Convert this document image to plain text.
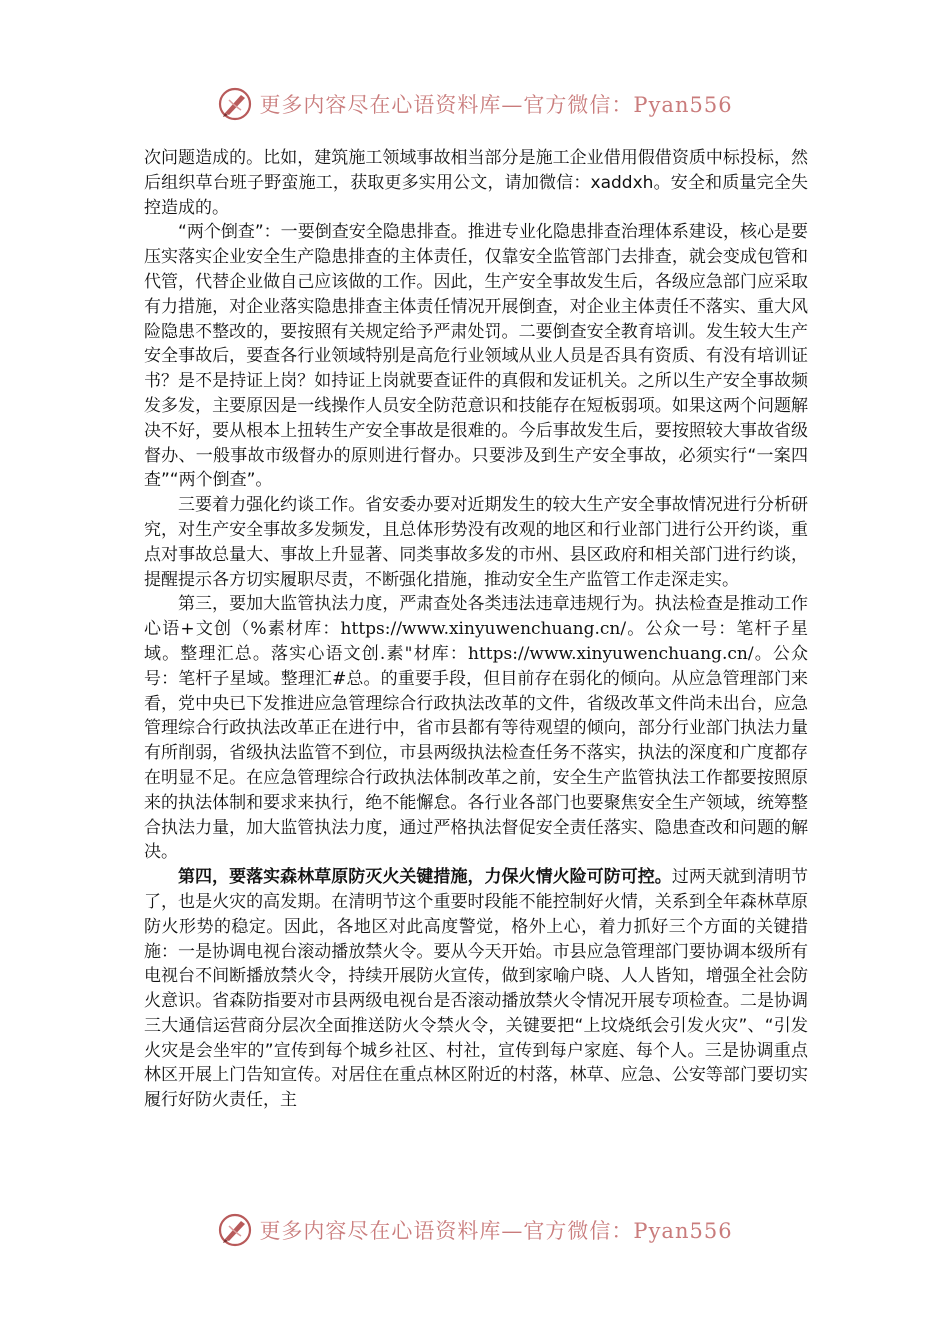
更多内容尽在心语资料库—官方微信：Pyan556

次问题造成的。比如，建筑施工领域事故相当部分是施工企业借用假借资质中标投标，然后组织草台班子野蛮施工，获取更多实用公文，请加微信：xaddxh。安全和质量完全失控造成的。

“两个倒查”：一要倒查安全隐患排查。推进专业化隐患排查治理体系建设，核心是要压实落实企业安全生产隐患排查的主体责任，仅靠安全监管部门去排查，就会变成包管和代管，代替企业做自己应该做的工作。因此，生产安全事故发生后，各级应急部门应采取有力措施，对企业落实隐患排查主体责任情况开展倒查，对企业主体责任不落实、重大风险隐患不整改的，要按照有关规定给予严肃处罚。二要倒查安全教育培训。发生较大生产安全事故后，要查各行业领域特别是高危行业领域从业人员是否具有资质、有没有培训证书？是不是持证上岗？如持证上岗就要查证件的真假和发证机关。之所以生产安全事故频发多发，主要原因是一线操作人员安全防范意识和技能存在短板弱项。如果这两个问题解决不好，要从根本上扭转生产安全事故是很难的。今后事故发生后，要按照较大事故省级督办、一般事故市级督办的原则进行督办。只要涉及到生产安全事故，必须实行“一案四查”“两个倒查”。

三要着力强化约谈工作。省安委办要对近期发生的较大生产安全事故情况进行分析研究，对生产安全事故多发频发，且总体形势没有改观的地区和行业部门进行公开约谈，重点对事故总量大、事故上升显著、同类事故多发的市州、县区政府和相关部门进行约谈，提醒提示各方切实履职尽责，不断强化措施，推动安全生产监管工作走深走实。

第三，要加大监管执法力度，严肃查处各类违法违章违规行为。执法检查是推动工作心语+文创（%素材库：https://www.xinyuwenchuang.cn/。公众一号：笔杆子星域。整理汇总。落实心语文创.素"材库：https://www.xinyuwenchuang.cn/。公众号：笔杆子星域。整理汇#总。的重要手段，但目前存在弱化的倾向。从应急管理部门来看，党中央已下发推进应急管理综合行政执法改革的文件，省级改革文件尚未出台，应急管理综合行政执法改革正在进行中，省市县都有等待观望的倾向，部分行业部门执法力量有所削弱，省级执法监管不到位，市县两级执法检查任务不落实，执法的深度和广度都存在明显不足。在应急管理综合行政执法体制改革之前，安全生产监管执法工作都要按照原来的执法体制和要求来执行，绝不能懈怠。各行业各部门也要聚焦安全生产领域，统筹整合执法力量，加大监管执法力度，通过严格执法督促安全责任落实、隐患查改和问题的解决。

第四，要落实森林草原防灭火关键措施，力保火情火险可防可控。过两天就到清明节了，也是火灾的高发期。在清明节这个重要时段能不能控制好火情，关系到全年森林草原防火形势的稳定。因此，各地区对此高度警觉，格外上心，着力抓好三个方面的关键措施：一是协调电视台滚动播放禁火令。要从今天开始。市县应急管理部门要协调本级所有电视台不间断播放禁火令，持续开展防火宣传，做到家喻户晓、人人皆知，增强全社会防火意识。省森防指要对市县两级电视台是否滚动播放禁火令情况开展专项检查。二是协调三大通信运营商分层次全面推送防火令禁火令，关键要把“上坟烧纸会引发火灾”、“引发火灾是会坐牢的”宣传到每个城乡社区、村社，宣传到每户家庭、每个人。三是协调重点林区开展上门告知宣传。对居住在重点林区附近的村落，林草、应急、公安等部门要切实履行好防火责任，主

更多内容尽在心语资料库—官方微信：Pyan556
